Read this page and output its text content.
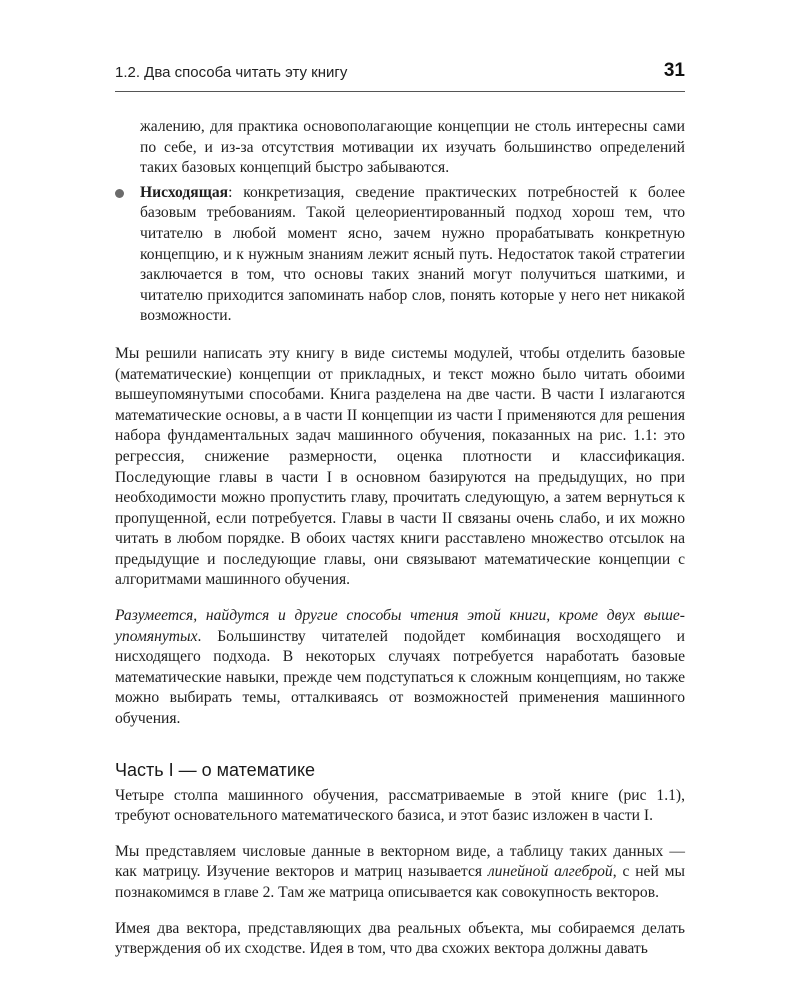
1.2. Два способа читать эту книгу	31

жалению, для практика основополагающие концепции не столь интересны сами по себе, и из-за отсутствия мотивации их изучать большинство определений таких базовых концепций быстро забываются.

Нисходящая: конкретизация, сведение практических потребностей к более базовым требованиям. Такой целеориентированный подход хорош тем, что читателю в любой момент ясно, зачем нужно прорабатывать конкретную концепцию, и к нужным знаниям лежит ясный путь. Недостаток такой стратегии заключается в том, что основы таких знаний могут получиться шаткими, и читателю приходится запоминать набор слов, понять которые у него нет никакой возможности.

Мы решили написать эту книгу в виде системы модулей, чтобы отделить базовые (математические) концепции от прикладных, и текст можно было читать обоими вышеупомянутыми способами. Книга разделена на две части. В части I излагаются математические основы, а в части II концепции из части I применяются для решения набора фундаментальных задач машинного обучения, показанных на рис. 1.1: это регрессия, снижение размерности, оценка плотности и классификация. Последующие главы в части I в основном базируются на предыдущих, но при необходимости можно пропустить главу, прочитать следующую, а затем вернуться к пропущенной, если потребуется. Главы в части II связаны очень слабо, и их можно читать в любом порядке. В обоих частях книги расставлено множество отсылок на предыдущие и последующие главы, они связывают математические концепции с алгоритмами машинного обучения.

Разумеется, найдутся и другие способы чтения этой книги, кроме двух вышеупомянутых. Большинству читателей подойдет комбинация восходящего и нисходящего подхода. В некоторых случаях потребуется наработать базовые математические навыки, прежде чем подступаться к сложным концепциям, но также можно выбирать темы, отталкиваясь от возможностей применения машинного обучения.

Часть I — о математике

Четыре столпа машинного обучения, рассматриваемые в этой книге (рис 1.1), требуют основательного математического базиса, и этот базис изложен в части I.

Мы представляем числовые данные в векторном виде, а таблицу таких данных — как матрицу. Изучение векторов и матриц называется линейной алгеброй, с ней мы познакомимся в главе 2. Там же матрица описывается как совокупность векторов.

Имея два вектора, представляющих два реальных объекта, мы собираемся делать утверждения об их сходстве. Идея в том, что два схожих вектора должны давать
